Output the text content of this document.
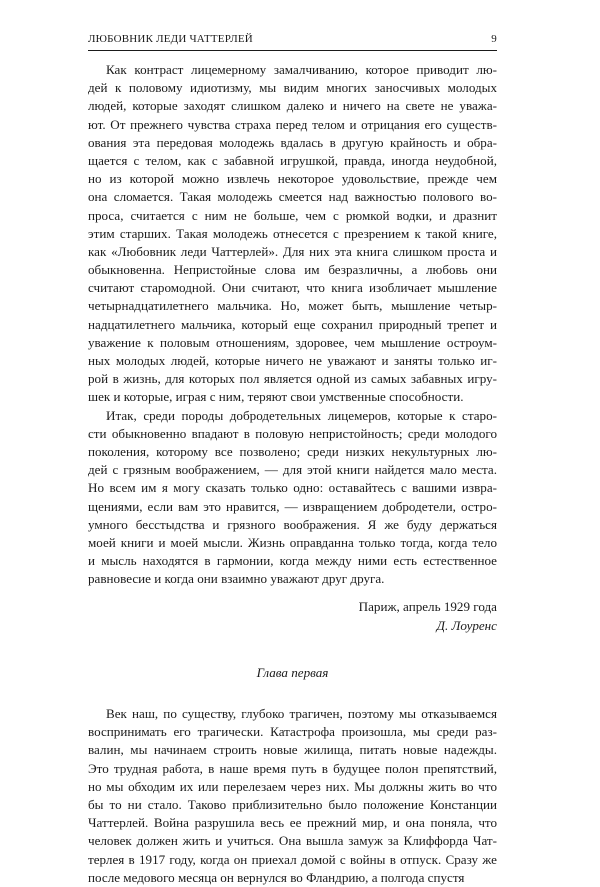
ЛЮБОВНИК ЛЕДИ ЧАТТЕРЛЕЙ	9
Как контраст лицемерному замалчиванию, которое приводит лю-
дей к половому идиотизму, мы видим многих заносчивых молодых
людей, которые заходят слишком далеко и ничего на свете не уважа-
ют. От прежнего чувства страха перед телом и отрицания его существ-
ования эта передовая молодежь вдалась в другую крайность и обра-
щается с телом, как с забавной игрушкой, правда, иногда неудобной,
но из которой можно извлечь некоторое удовольствие, прежде чем
она сломается. Такая молодежь смеется над важностью полового во-
проса, считается с ним не больше, чем с рюмкой водки, и дразнит
этим старших. Такая молодежь отнесется с презрением к такой книге,
как «Любовник леди Чаттерлей». Для них эта книга слишком проста и
обыкновенна. Непристойные слова им безразличны, а любовь они
считают старомодной. Они считают, что книга изобличает мышление
четырнадцатилетнего мальчика. Но, может быть, мышление четыр-
надцатилетнего мальчика, который еще сохранил природный трепет и
уважение к половым отношениям, здоровее, чем мышление остроум-
ных молодых людей, которые ничего не уважают и заняты только иг-
рой в жизнь, для которых пол является одной из самых забавных игру-
шек и которые, играя с ним, теряют свои умственные способности.
Итак, среди породы добродетельных лицемеров, которые к старо-
сти обыкновенно впадают в половую непристойность; среди молодого
поколения, которому все позволено; среди низких некультурных лю-
дей с грязным воображением, — для этой книги найдется мало места.
Но всем им я могу сказать только одно: оставайтесь с вашими извра-
щениями, если вам это нравится, — извращением добродетели, остро-
умного бесстыдства и грязного воображения. Я же буду держаться
моей книги и моей мысли. Жизнь оправданна только тогда, когда тело
и мысль находятся в гармонии, когда между ними есть естественное
равновесие и когда они взаимно уважают друг друга.
Париж, апрель 1929 года
Д. Лоуренс
Глава первая
Век наш, по существу, глубоко трагичен, поэтому мы отказываемся
воспринимать его трагически. Катастрофа произошла, мы среди раз-
валин, мы начинаем строить новые жилища, питать новые надежды.
Это трудная работа, в наше время путь в будущее полон препятствий,
но мы обходим их или перелезаем через них. Мы должны жить во что
бы то ни стало. Таково приблизительно было положение Констанции
Чаттерлей. Война разрушила весь ее прежний мир, и она поняла, что
человек должен жить и учиться. Она вышла замуж за Клиффорда Чат-
терлея в 1917 году, когда он приехал домой с войны в отпуск. Сразу же
после медового месяца он вернулся во Фландрию, а полгода спустя
